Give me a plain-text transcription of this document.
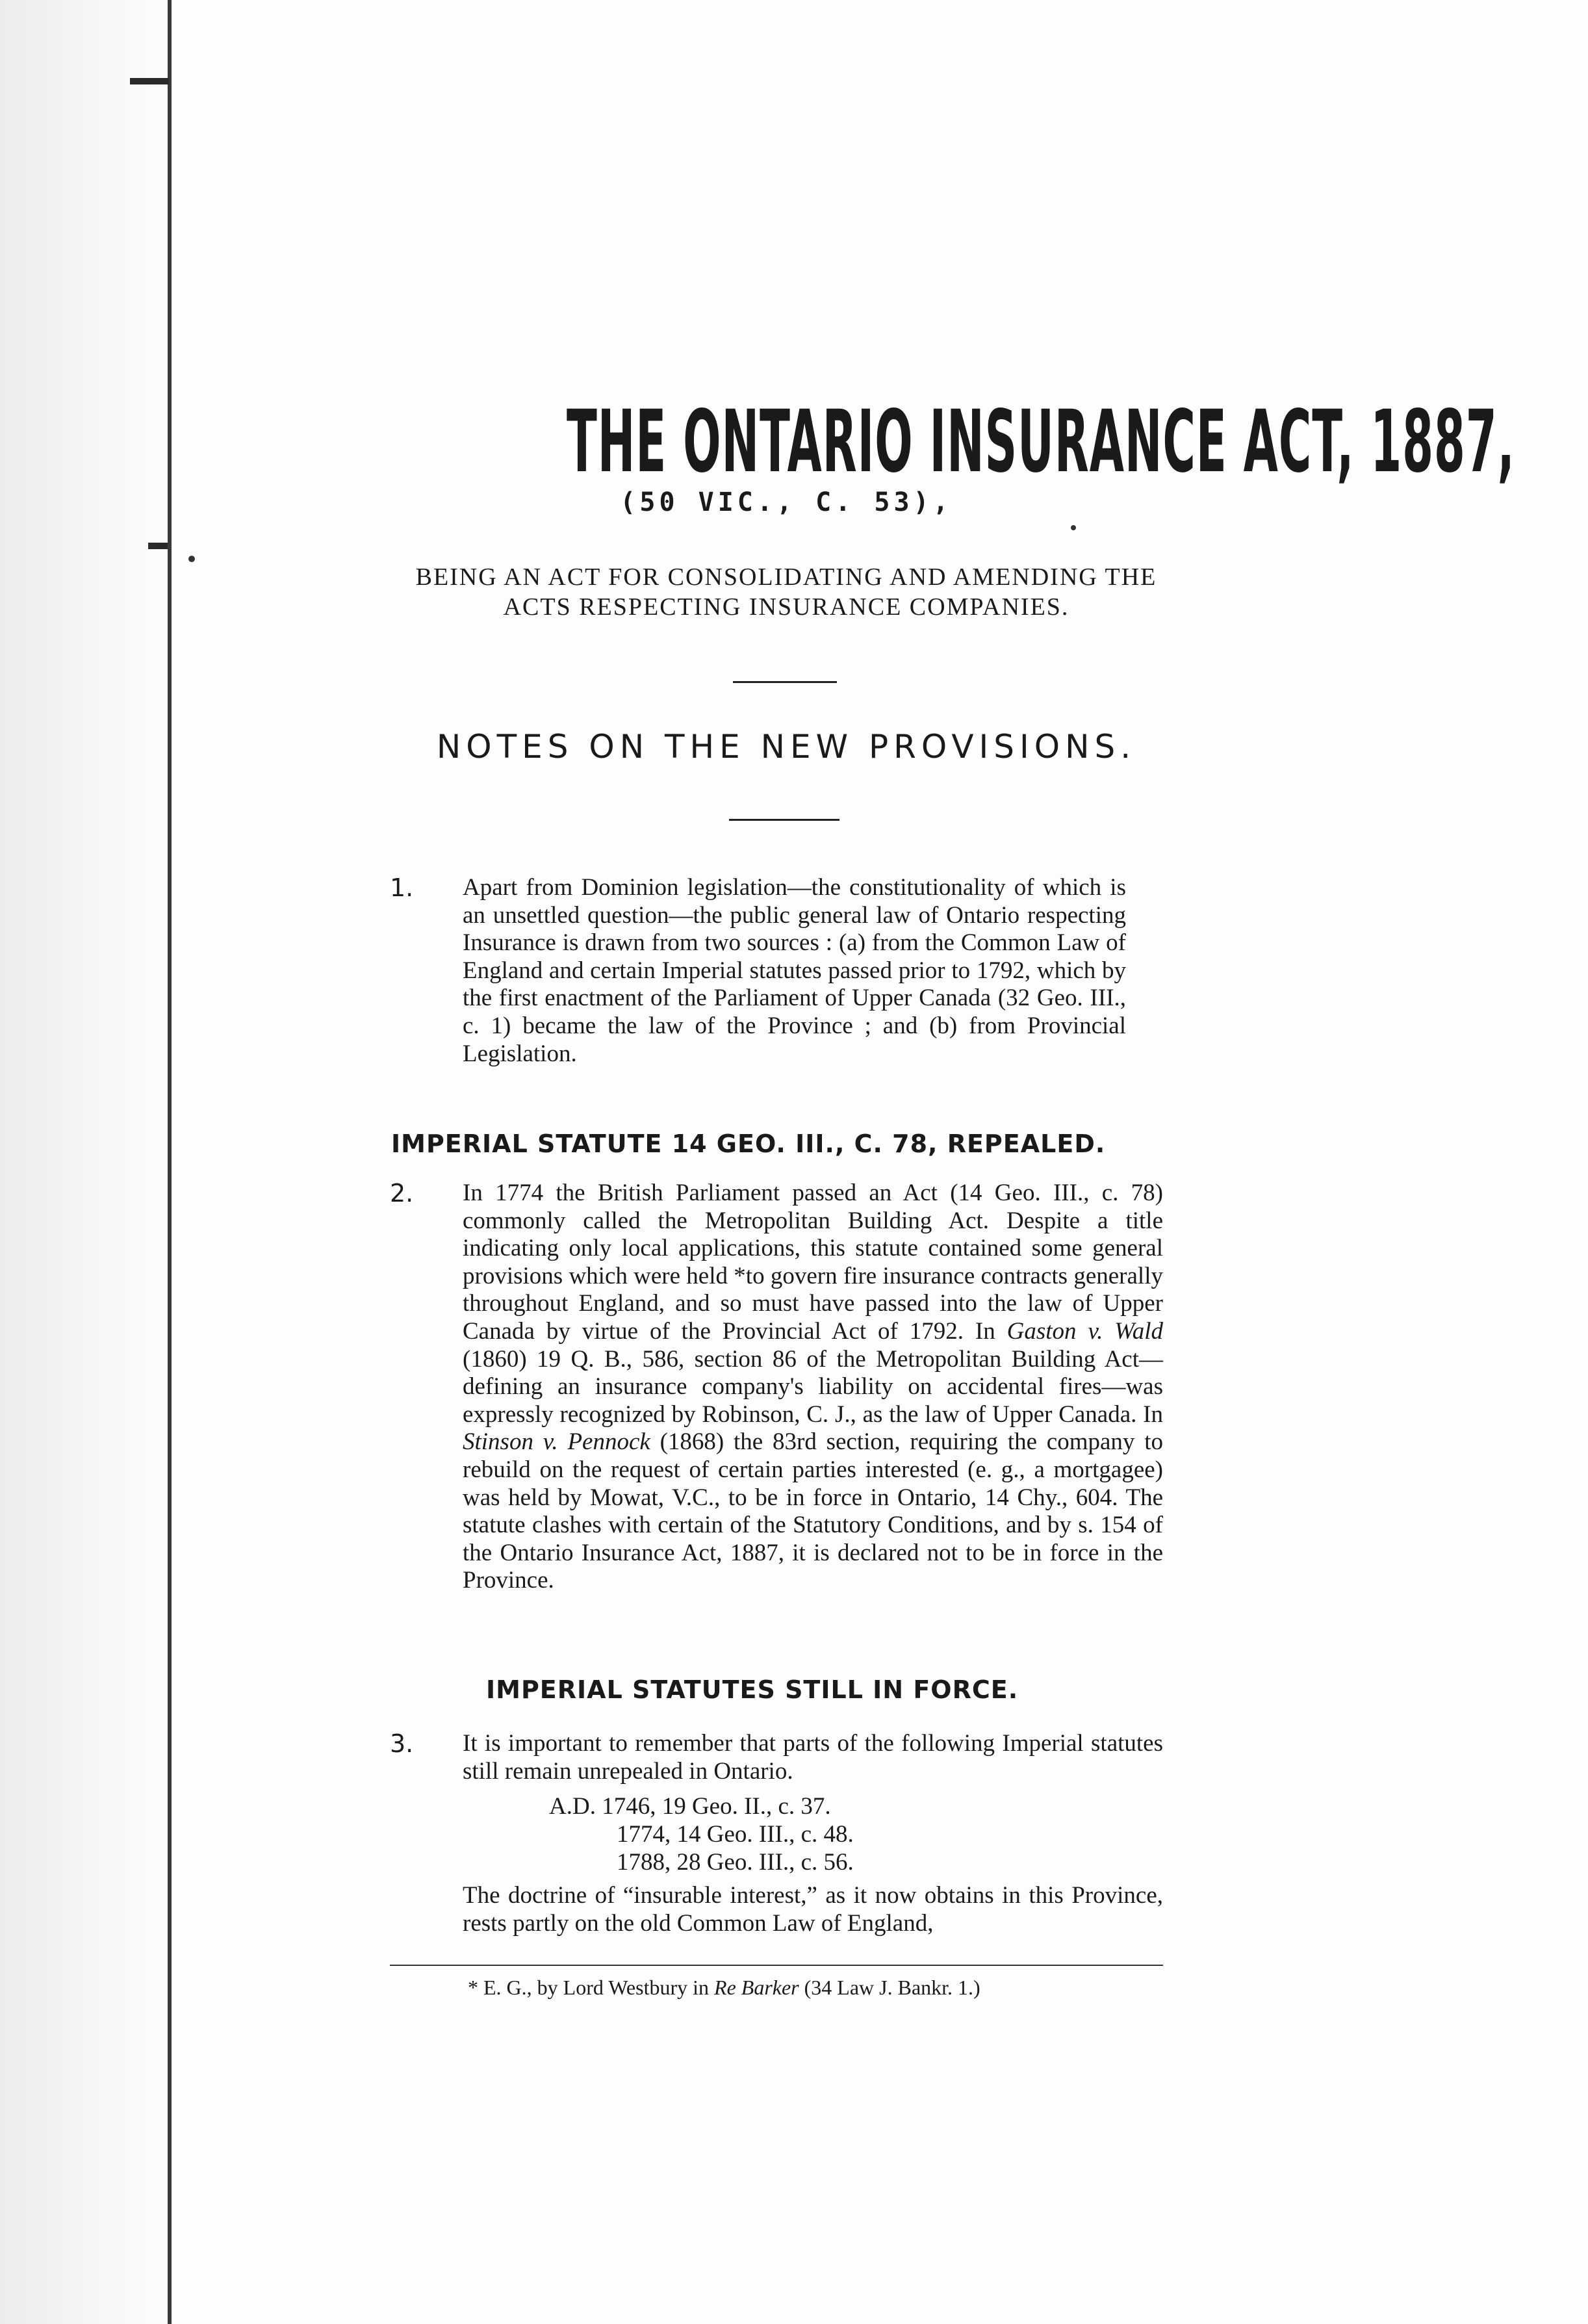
THE ONTARIO INSURANCE ACT, 1887,
(50 VIC., C. 53),
BEING AN ACT FOR CONSOLIDATING AND AMENDING THE
ACTS RESPECTING INSURANCE COMPANIES.
NOTES ON THE NEW PROVISIONS.
1. Apart from Dominion legislation—the constitutionality of which is an unsettled question—the public general law of Ontario respecting Insurance is drawn from two sources : (a) from the Common Law of England and certain Imperial statutes passed prior to 1792, which by the first enactment of the Parliament of Upper Canada (32 Geo. III., c. 1) became the law of the Province ; and (b) from Provincial Legislation.
IMPERIAL STATUTE 14 GEO. III., C. 78, REPEALED.
2. In 1774 the British Parliament passed an Act (14 Geo. III., c. 78) commonly called the Metropolitan Building Act. Despite a title indicating only local applications, this statute contained some general provisions which were held *to govern fire insurance contracts generally throughout England, and so must have passed into the law of Upper Canada by virtue of the Provincial Act of 1792. In Gaston v. Wald (1860) 19 Q. B., 586, section 86 of the Metropolitan Building Act—defining an insurance company's liability on accidental fires—was expressly recognized by Robinson, C. J., as the law of Upper Canada. In Stinson v. Pennock (1868) the 83rd section, requiring the company to rebuild on the request of certain parties interested (e. g., a mortgagee) was held by Mowat, V.C., to be in force in Ontario, 14 Chy., 604. The statute clashes with certain of the Statutory Conditions, and by s. 154 of the Ontario Insurance Act, 1887, it is declared not to be in force in the Province.
IMPERIAL STATUTES STILL IN FORCE.
3. It is important to remember that parts of the following Imperial statutes still remain unrepealed in Ontario.
A.D. 1746, 19 Geo. II., c. 37.
1774, 14 Geo. III., c. 48.
1788, 28 Geo. III., c. 56.
The doctrine of “insurable interest,” as it now obtains in this Province, rests partly on the old Common Law of England,
* E. G., by Lord Westbury in Re Barker (34 Law J. Bankr. 1.)
